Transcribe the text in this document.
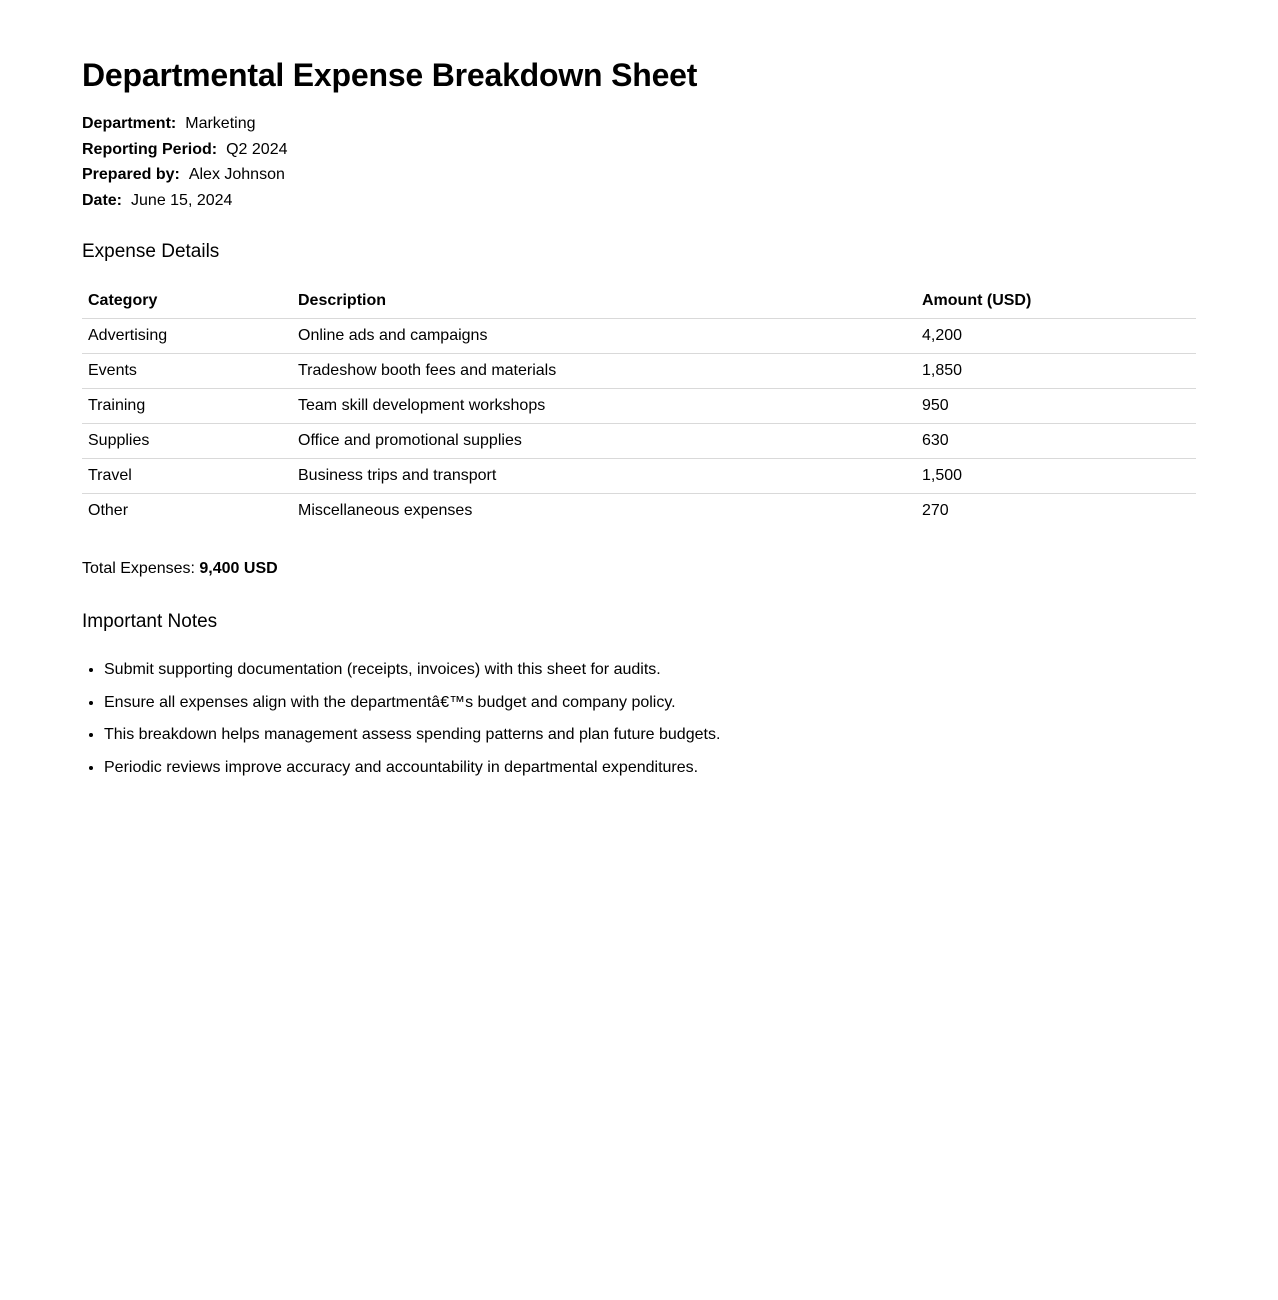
Departmental Expense Breakdown Sheet
Department: Marketing
Reporting Period: Q2 2024
Prepared by: Alex Johnson
Date: June 15, 2024
Expense Details
Category	Description	Amount (USD)
Advertising	Online ads and campaigns	4,200
Events	Tradeshow booth fees and materials	1,850
Training	Team skill development workshops	950
Supplies	Office and promotional supplies	630
Travel	Business trips and transport	1,500
Other	Miscellaneous expenses	270
Total Expenses: 9,400 USD
Important Notes
• Submit supporting documentation (receipts, invoices) with this sheet for audits.
• Ensure all expenses align with the departmentâ€™s budget and company policy.
• This breakdown helps management assess spending patterns and plan future budgets.
• Periodic reviews improve accuracy and accountability in departmental expenditures.
